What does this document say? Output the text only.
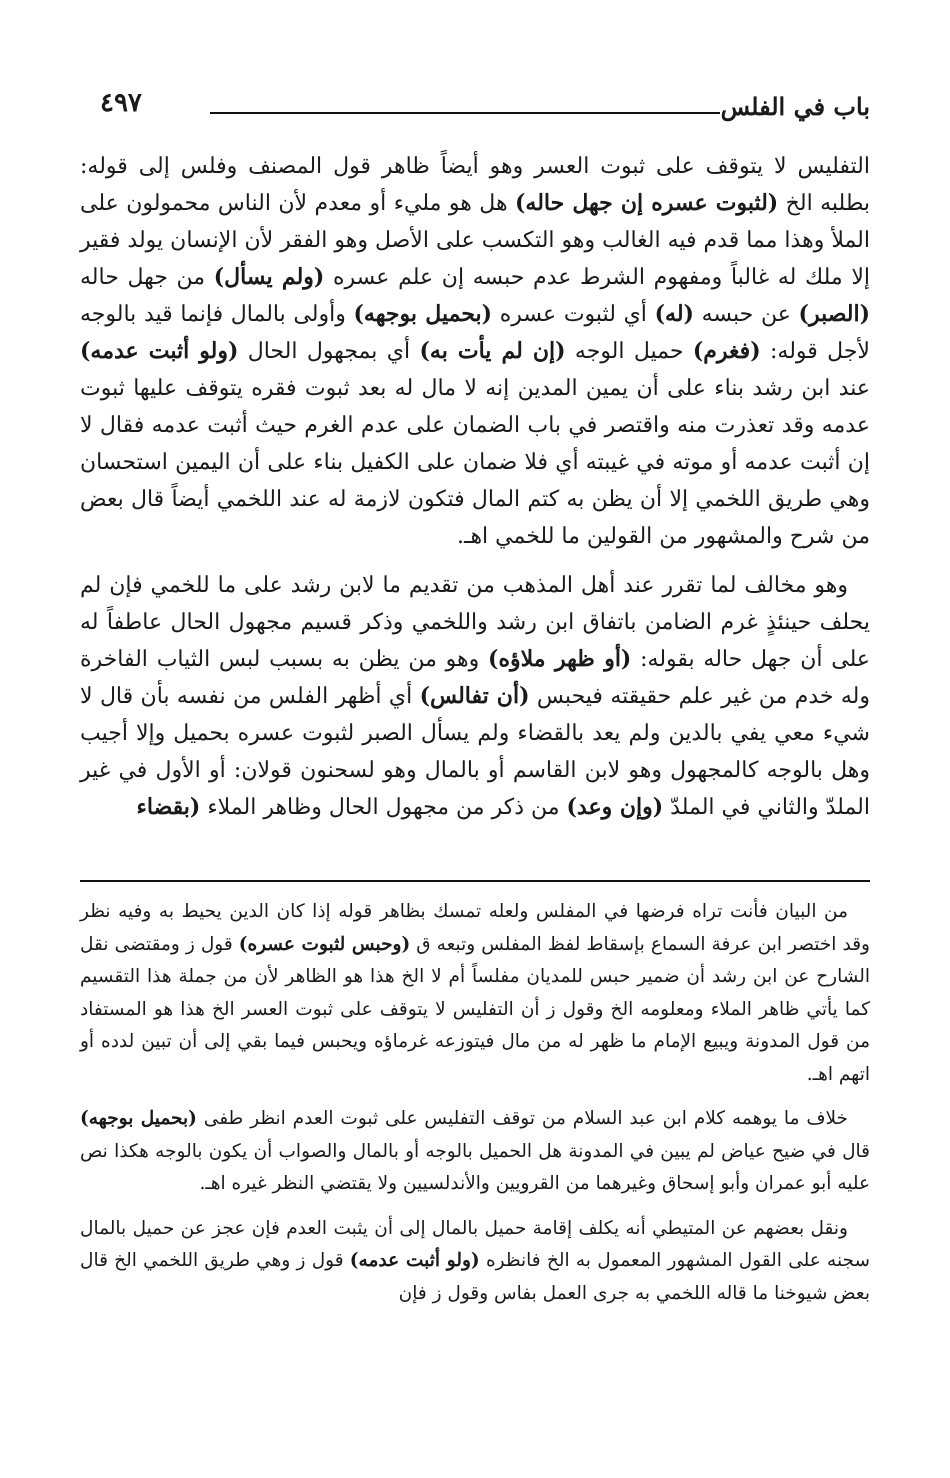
باب في الفلس
٤٩٧

التفليس لا يتوقف على ثبوت العسر وهو أيضاً ظاهر قول المصنف وفلس إلى قوله: بطلبه الخ (لثبوت عسره إن جهل حاله) هل هو مليء أو معدم لأن الناس محمولون على الملأ وهذا مما قدم فيه الغالب وهو التكسب على الأصل وهو الفقر لأن الإنسان يولد فقير إلا ملك له غالباً ومفهوم الشرط عدم حبسه إن علم عسره (ولم يسأل) من جهل حاله (الصبر) عن حبسه (له) أي لثبوت عسره (بحميل بوجهه) وأولى بالمال فإنما قيد بالوجه لأجل قوله: (فغرم) حميل الوجه (إن لم يأت به) أي بمجهول الحال (ولو أثبت عدمه) عند ابن رشد بناء على أن يمين المدين إنه لا مال له بعد ثبوت فقره يتوقف عليها ثبوت عدمه وقد تعذرت منه واقتصر في باب الضمان على عدم الغرم حيث أثبت عدمه فقال لا إن أثبت عدمه أو موته في غيبته أي فلا ضمان على الكفيل بناء على أن اليمين استحسان وهي طريق اللخمي إلا أن يظن به كتم المال فتكون لازمة له عند اللخمي أيضاً قال بعض من شرح والمشهور من القولين ما للخمي اهـ.

وهو مخالف لما تقرر عند أهل المذهب من تقديم ما لابن رشد على ما للخمي فإن لم يحلف حينئذٍ غرم الضامن باتفاق ابن رشد واللخمي وذكر قسيم مجهول الحال عاطفاً له على أن جهل حاله بقوله: (أو ظهر ملاؤه) وهو من يظن به بسبب لبس الثياب الفاخرة وله خدم من غير علم حقيقته فيحبس (أن تفالس) أي أظهر الفلس من نفسه بأن قال لا شيء معي يفي بالدين ولم يعد بالقضاء ولم يسأل الصبر لثبوت عسره بحميل وإلا أجيب وهل بالوجه كالمجهول وهو لابن القاسم أو بالمال وهو لسحنون قولان: أو الأول في غير الملدّ والثاني في الملدّ (وإن وعد) من ذكر من مجهول الحال وظاهر الملاء (بقضاء

من البيان فأنت تراه فرضها في المفلس ولعله تمسك بظاهر قوله إذا كان الدين يحيط به وفيه نظر وقد اختصر ابن عرفة السماع بإسقاط لفظ المفلس وتبعه ق (وحبس لثبوت عسره) قول ز ومقتضى نقل الشارح عن ابن رشد أن ضمير حبس للمديان مفلساً أم لا الخ هذا هو الظاهر لأن من جملة هذا التقسيم كما يأتي ظاهر الملاء ومعلومه الخ وقول ز أن التفليس لا يتوقف على ثبوت العسر الخ هذا هو المستفاد من قول المدونة ويبيع الإمام ما ظهر له من مال فيتوزعه غرماؤه ويحبس فيما بقي إلى أن تبين لدده أو اتهم اهـ.

خلاف ما يوهمه كلام ابن عبد السلام من توقف التفليس على ثبوت العدم انظر طفى (بحميل بوجهه) قال في ضيح عياض لم يبين في المدونة هل الحميل بالوجه أو بالمال والصواب أن يكون بالوجه هكذا نص عليه أبو عمران وأبو إسحاق وغيرهما من القرويين والأندلسيين ولا يقتضي النظر غيره اهـ.

ونقل بعضهم عن المتيطي أنه يكلف إقامة حميل بالمال إلى أن يثبت العدم فإن عجز عن حميل بالمال سجنه على القول المشهور المعمول به الخ فانظره (ولو أثبت عدمه) قول ز وهي طريق اللخمي الخ قال بعض شيوخنا ما قاله اللخمي به جرى العمل بفاس وقول ز فإن
